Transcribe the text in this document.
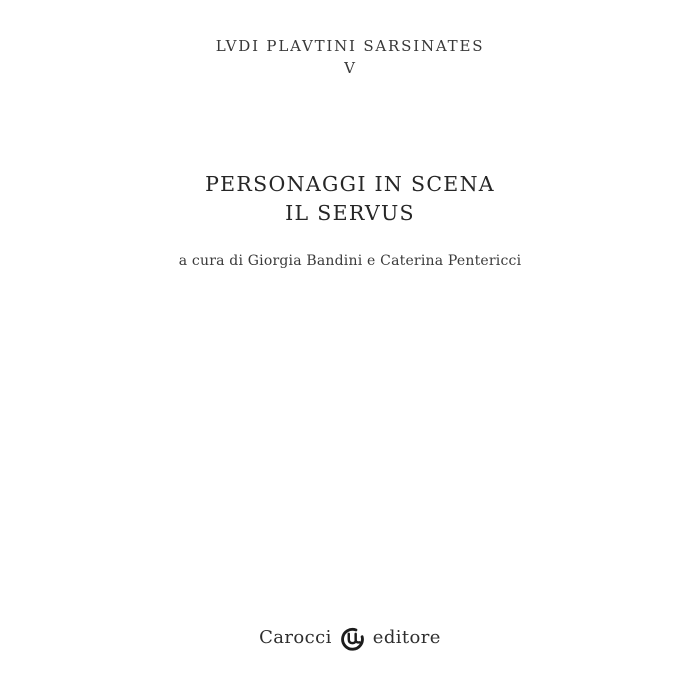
LVDI PLAVTINI SARSINATES
V
PERSONAGGI IN SCENA
IL SERVUS
a cura di Giorgia Bandini e Caterina Pentericci
Carocci editore
